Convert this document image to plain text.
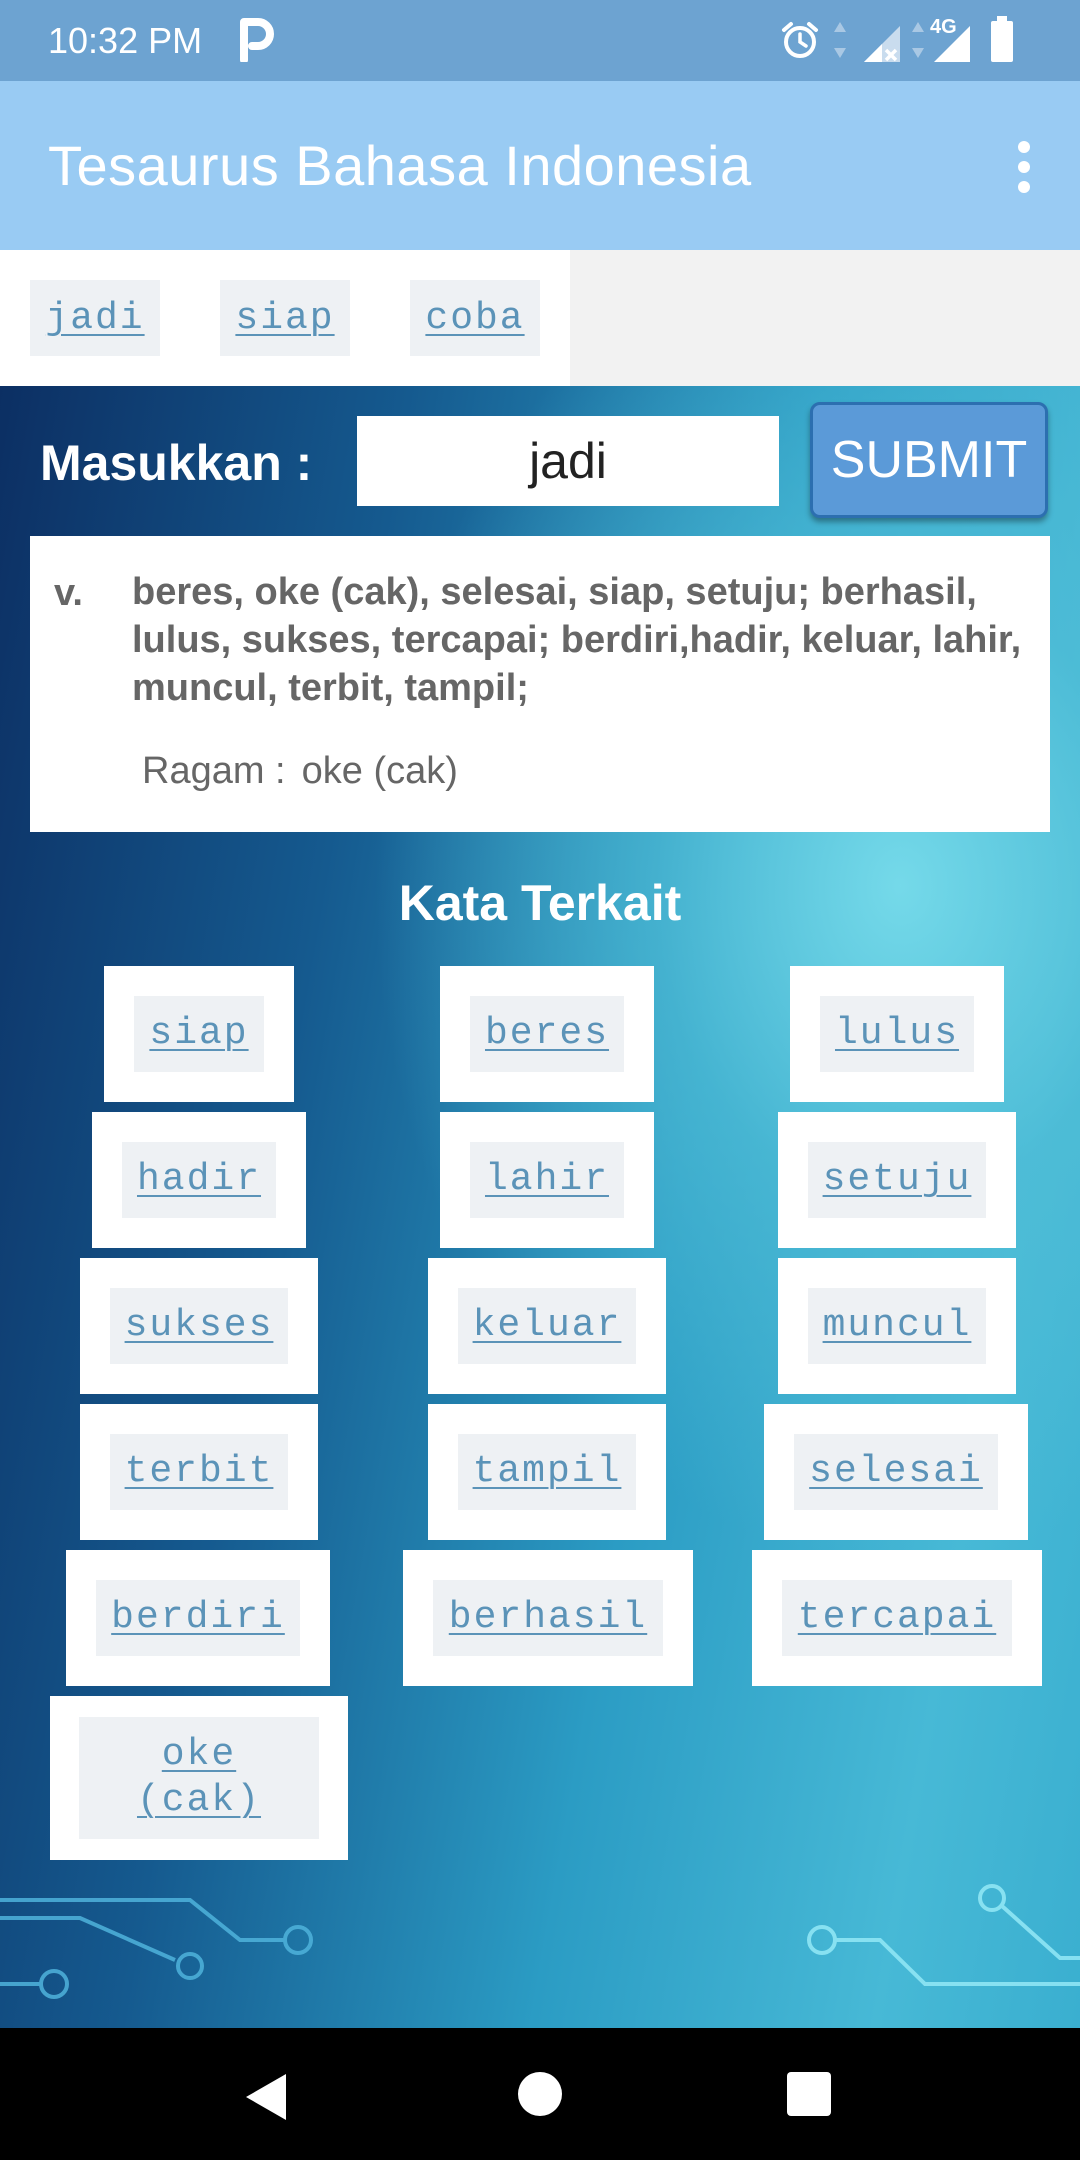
10:32 PM	4G
Tesaurus Bahasa Indonesia
jadi	siap	coba
Masukkan :
jadi	SUBMIT
v. beres, oke (cak), selesai, siap, setuju; berhasil, lulus, sukses, tercapai; berdiri,hadir, keluar, lahir, muncul, terbit, tampil;
Ragam : oke (cak)
Kata Terkait
siap	beres	lulus
hadir	lahir	setuju
sukses	keluar	muncul
terbit	tampil	selesai
berdiri	berhasil	tercapai
oke
(cak)
